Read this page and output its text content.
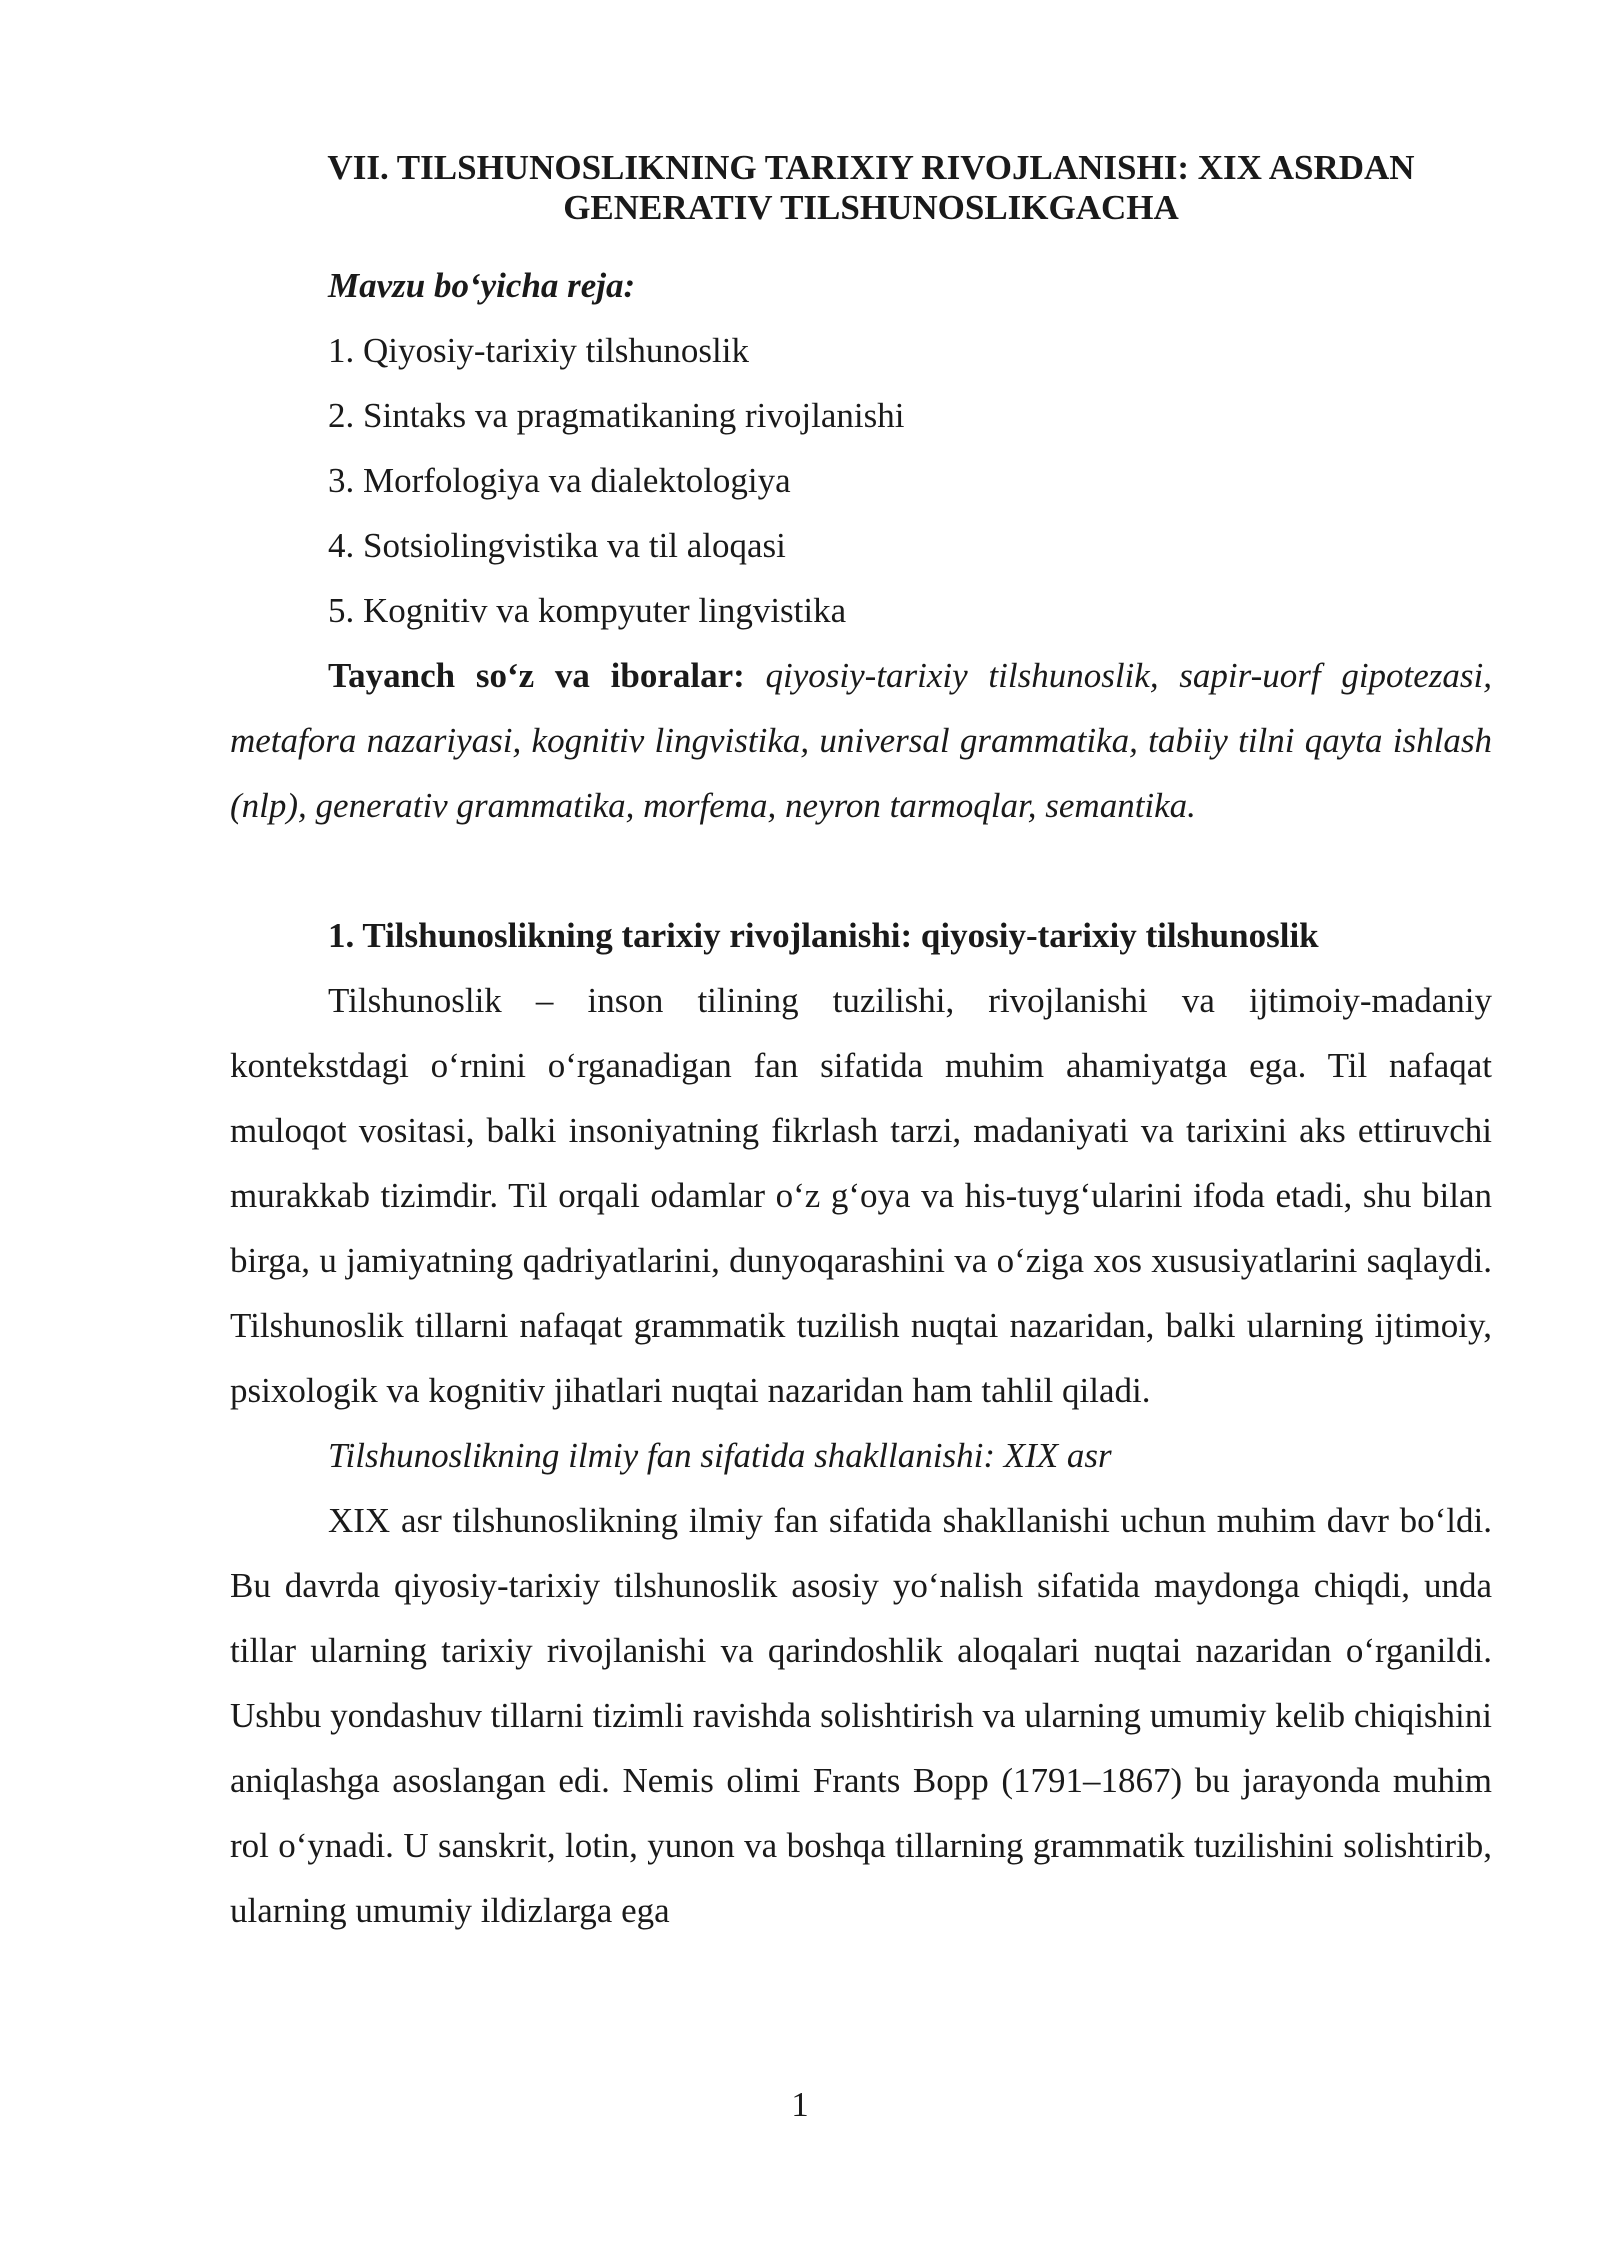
VII. TILSHUNOSLIKNING TARIXIY RIVOJLANISHI: XIX ASRDAN
GENERATIV TILSHUNOSLIKGACHA
Mavzu bo‘yicha reja:
1. Qiyosiy-tarixiy tilshunoslik
2. Sintaks va pragmatikaning rivojlanishi
3. Morfologiya va dialektologiya
4. Sotsiolingvistika va til aloqasi
5. Kognitiv va kompyuter lingvistika

Tayanch so‘z va iboralar: qiyosiy-tarixiy tilshunoslik, sapir-uorf gipotezasi, metafora nazariyasi, kognitiv lingvistika, universal grammatika, tabiiy tilni qayta ishlash (nlp), generativ grammatika, morfema, neyron tarmoqlar, semantika.

1. Tilshunoslikning tarixiy rivojlanishi: qiyosiy-tarixiy tilshunoslik

Tilshunoslik – inson tilining tuzilishi, rivojlanishi va ijtimoiy-madaniy kontekstdagi o‘rnini o‘rganadigan fan sifatida muhim ahamiyatga ega. Til nafaqat muloqot vositasi, balki insoniyatning fikrlash tarzi, madaniyati va tarixini aks ettiruvchi murakkab tizimdir. Til orqali odamlar o‘z g‘oya va his-tuyg‘ularini ifoda etadi, shu bilan birga, u jamiyatning qadriyatlarini, dunyoqarashini va o‘ziga xos xususiyatlarini saqlaydi. Tilshunoslik tillarni nafaqat grammatik tuzilish nuqtai nazaridan, balki ularning ijtimoiy, psixologik va kognitiv jihatlari nuqtai nazaridan ham tahlil qiladi.

Tilshunoslikning ilmiy fan sifatida shakllanishi: XIX asr

XIX asr tilshunoslikning ilmiy fan sifatida shakllanishi uchun muhim davr bo‘ldi. Bu davrda qiyosiy-tarixiy tilshunoslik asosiy yo‘nalish sifatida maydonga chiqdi, unda tillar ularning tarixiy rivojlanishi va qarindoshlik aloqalari nuqtai nazaridan o‘rganildi. Ushbu yondashuv tillarni tizimli ravishda solishtirish va ularning umumiy kelib chiqishini aniqlashga asoslangan edi. Nemis olimi Frants Bopp (1791–1867) bu jarayonda muhim rol o‘ynadi. U sanskrit, lotin, yunon va boshqa tillarning grammatik tuzilishini solishtirib, ularning umumiy ildizlarga ega

1
